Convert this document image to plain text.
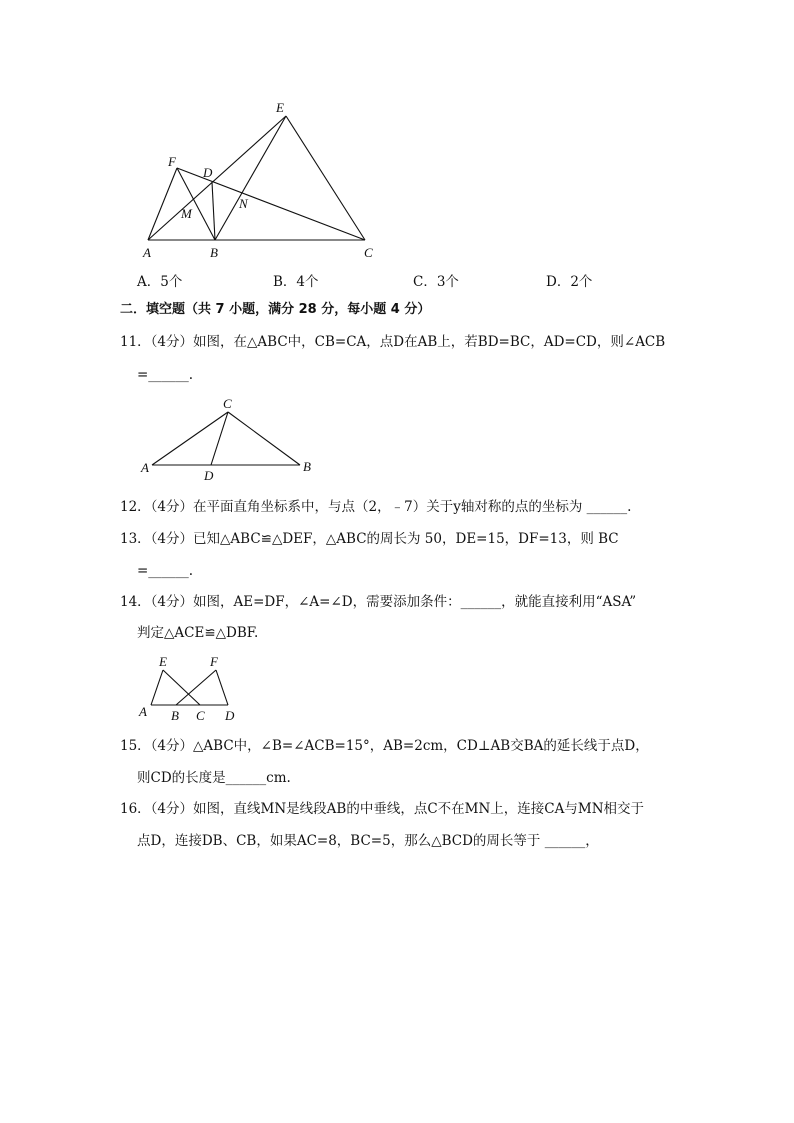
E
F
D
M
N
A	B	C
A．5个	B．4个	C．3个	D．2个
二．填空题（共 7 小题，满分 28 分，每小题 4 分）
11．（4分）如图，在△ABC中，CB=CA，点D在AB上，若BD=BC，AD=CD，则∠ACB
=______.
C
A
D
B
12．（4分）在平面直角坐标系中，与点（2，﹣7）关于y轴对称的点的坐标为 ______.
13．（4分）已知△ABC≌△DEF，△ABC的周长为 50，DE=15，DF=13，则 BC
=______.
14．（4分）如图，AE=DF，∠A=∠D，需要添加条件：______，就能直接利用“ASA”
判定△ACE≌△DBF.
E	F
A B C D
15．（4分）△ABC中，∠B=∠ACB=15°，AB=2cm，CD⊥AB交BA的延长线于点D，
则CD的长度是______cm.
16．（4分）如图，直线MN是线段AB的中垂线，点C不在MN上，连接CA与MN相交于
点D，连接DB、CB，如果AC=8，BC=5，那么△BCD的周长等于 ______，
